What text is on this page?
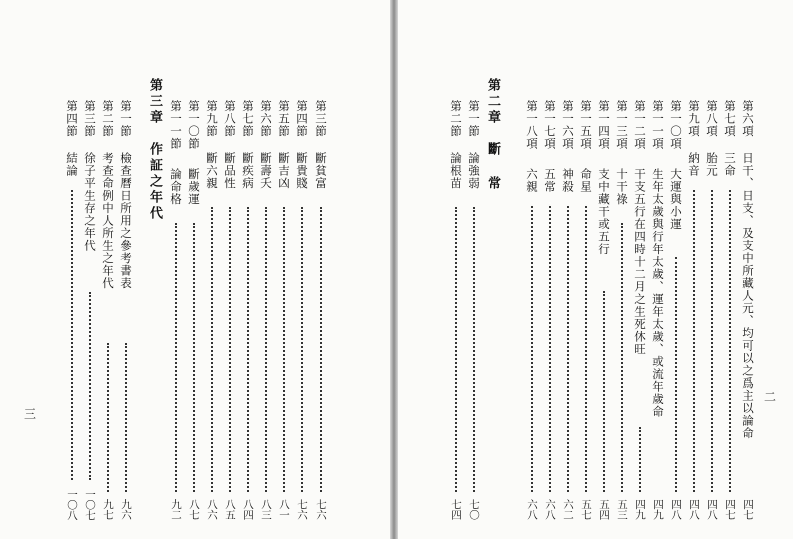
第三節
斷貧富
七六
第四節
斷貴賤
七六
第五節
斷吉凶
八一
第六節
斷壽夭
八三
第七節
斷疾病
八四
第八節
斷品性
八五
第九節
斷六親
八六
第一〇節
斷歲運
八七
第一一節
論命格
九二
第一節
檢查曆日所用之參考書表
九六
第二節
考查命例中人所生之年代
九七
第三節
徐子平生存之年代
一〇七
第四節
結論
一〇八
第三章　作証之年代	第六項
日干、日支、及支中所藏人元、均可以之爲主以論命
四七
第七項
三命
四七
第八項
胎元
四八
第九項
納音
四八
第一〇項
大運與小運
四八
第一一項
生年太歲與行年太歲、運年太歲、或流年歲命
四九
第一二項
干支五行在四時十二月之生死休旺
四九
第一三項
十干祿
五三
第一四項
支中藏干或五行
五四
第一五項
命星
五七
第一六項
神殺
六二
第一七項
五常
六八
第一八項
六親
六八
第一節
論強弱
七〇
第二節
論根苗
七四
第二章　斷 常
三
二
